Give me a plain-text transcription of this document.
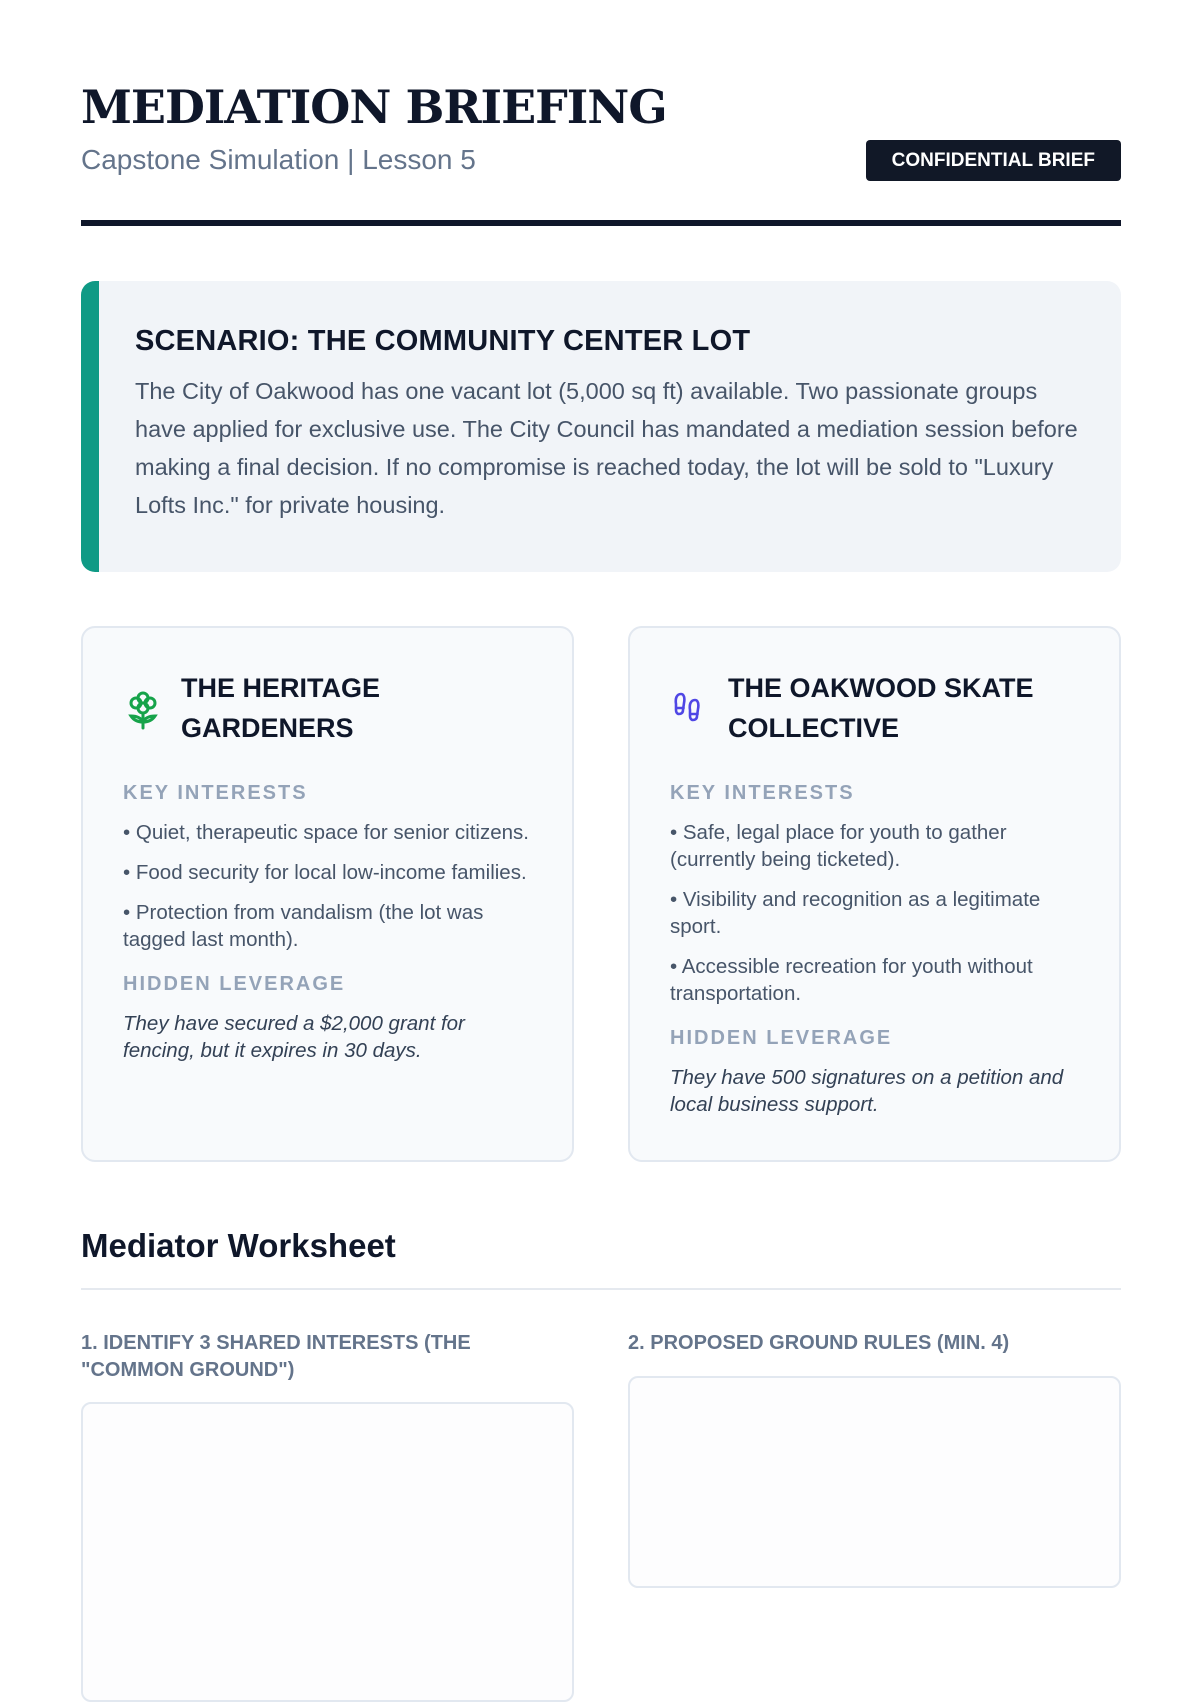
MEDIATION BRIEFING
Capstone Simulation | Lesson 5	CONFIDENTIAL BRIEF
SCENARIO: THE COMMUNITY CENTER LOT

The City of Oakwood has one vacant lot (5,000 sq ft) available. Two passionate groups have applied for exclusive use. The City Council has mandated a mediation session before making a final decision. If no compromise is reached today, the lot will be sold to "Luxury Lofts Inc." for private housing.

THE HERITAGE GARDENERS
KEY INTERESTS

• Quiet, therapeutic space for senior citizens.

• Food security for local low-income families.

• Protection from vandalism (the lot was tagged last month).

HIDDEN LEVERAGE

They have secured a $2,000 grant for fencing, but it expires in 30 days.

THE OAKWOOD SKATE COLLECTIVE
KEY INTERESTS

• Safe, legal place for youth to gather (currently being ticketed).

• Visibility and recognition as a legitimate sport.

• Accessible recreation for youth without transportation.

HIDDEN LEVERAGE

They have 500 signatures on a petition and local business support.

Mediator Worksheet

1. IDENTIFY 3 SHARED INTERESTS (THE "COMMON GROUND")

2. PROPOSED GROUND RULES (MIN. 4)
